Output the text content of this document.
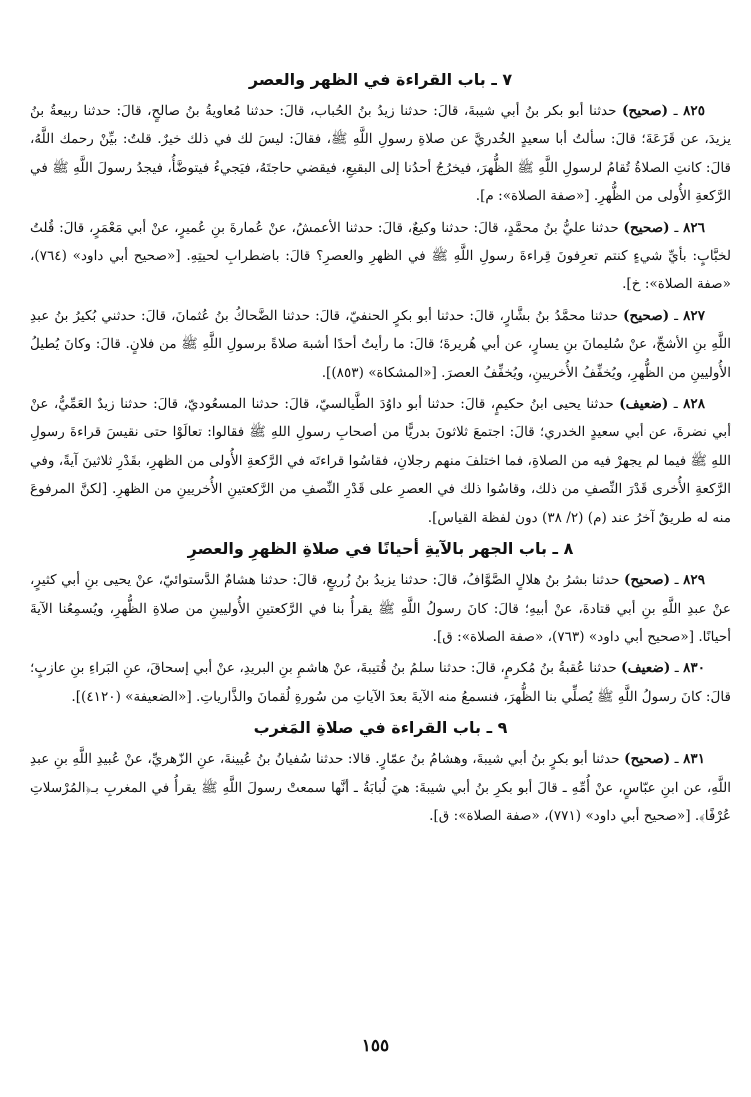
٧ ـ باب القراءة في الظهر والعصر

٨٢٥ ـ (صحيح) حدثنا أبو بكر بنُ أبي شيبةَ، قالَ: حدثنا زيدُ بنُ الحُباب، قالَ: حدثنا مُعاويةُ بنُ صالحٍ، قالَ: حدثنا ربيعةُ بنُ يزيدَ، عن قَزَعَةَ؛ قالَ: سألتُ أبا سعيدٍ الخُدريَّ عن صلاةِ رسولِ اللَّهِ ﷺ، فقالَ: ليسَ لك في ذلك خيرٌ. قلتُ: بيِّنْ رحمك اللَّهُ، قالَ: كانتِ الصلاةُ تُقامُ لرسولِ اللَّهِ ﷺ الظُّهرَ، فيخرُجُ أحدُنا إلى البقيعِ، فيقضي حاجتَهُ، فيَجيءُ فيتوضَّأُ، فيجدُ رسولَ اللَّهِ ﷺ في الرَّكعةِ الأُولى من الظُّهرِ. [«صفة الصلاة»: م].

٨٢٦ ـ (صحيح) حدثنا عليُّ بنُ محمَّدٍ، قالَ: حدثنا وكيعٌ، قالَ: حدثنا الأعمشُ، عنْ عُمارةَ بنِ عُميرٍ، عنْ أبي مَعْمَرٍ، قالَ: قُلتُ لخبَّابٍ: بأيِّ شيءٍ كنتم تعرِفونَ قِراءةَ رسولِ اللَّهِ ﷺ في الظهرِ والعصرِ؟ قالَ: باضطرابِ لحيتِهِ. [«صحيح أبي داود» (٧٦٤)، «صفة الصلاة»: خ].

٨٢٧ ـ (صحيح) حدثنا محمَّدُ بنُ بشَّارٍ، قالَ: حدثنا أبو بكرٍ الحنفيّ، قالَ: حدثنا الضَّحاكُ بنُ عُثمانَ، قالَ: حدثني بُكيرُ بنُ عبدِ اللَّهِ بنِ الأشجِّ، عنْ سُليمانَ بنِ يسارٍ، عن أبي هُريرةَ؛ قالَ: ما رأيتُ أحدًا أشبهَ صلاةً برسولِ اللَّهِ ﷺ من فلانٍ. قالَ: وكانَ يُطيلُ الأُوليينِ من الظُّهرِ، ويُخفِّفُ الأُخريينِ، ويُخفِّفُ العصرَ. [«المشكاة» (٨٥٣)].

٨٢٨ ـ (ضعيف) حدثنا يحيى ابنُ حكيمٍ، قالَ: حدثنا أبو داوُدَ الطَّيالسيّ، قالَ: حدثنا المسعُوديّ، قالَ: حدثنا زيدٌ العَمِّيُّ، عنْ أبي نضرةَ، عن أبي سعيدٍ الخدري؛ قالَ: اجتمعَ ثلاثونَ بدريًّا من أصحابِ رسولِ اللهِ ﷺ فقالوا: تعالَوْا حتى نقيسَ قراءةَ رسولِ اللهِ ﷺ فيما لم يجهرْ فيه من الصلاةِ، فما اختلفَ منهم رجلانِ، فقاسُوا قراءتَه في الرَّكعةِ الأُولى من الظهرِ، بقَدْرِ ثلاثينَ آيةً، وفي الرَّكعةِ الأُخرى قَدْرَ النِّصفِ من ذلك، وقاسُوا ذلك في العصرِ على قَدْرِ النِّصفِ من الرَّكعتينِ الأُخريينِ من الظهرِ. [لكنَّ المرفوعَ منه له طريقٌ آخرُ عند (م) (٢/ ٣٨) دون لفظة القياس].

٨ ـ باب الجهر بالآيةِ أحيانًا في صلاةِ الظهرِ والعصرِ

٨٢٩ ـ (صحيح) حدثنا بشرُ بنُ هلالٍ الصَّوَّافُ، قالَ: حدثنا يزيدُ بنُ زُريعٍ، قالَ: حدثنا هشامٌ الدَّستوائيّ، عنْ يحيى بنِ أبي كثيرٍ، عنْ عبدِ اللَّهِ بنِ أبي قتادةَ، عنْ أبيهِ؛ قالَ: كانَ رسولُ اللَّهِ ﷺ يقرأُ بنا في الرَّكعتينِ الأُوليينِ من صلاةِ الظُّهرِ، ويُسمِعُنا الآيةَ أحيانًا. [«صحيح أبي داود» (٧٦٣)، «صفة الصلاة»: ق].

٨٣٠ ـ (ضعيف) حدثنا عُقبةُ بنُ مُكرمٍ، قالَ: حدثنا سلمُ بنُ قُتيبةَ، عنْ هاشمِ بنِ البريدِ، عنْ أبي إسحاقَ، عنِ البَراءِ بنِ عازبٍ؛ قالَ: كانَ رسولُ اللَّهِ ﷺ يُصلِّي بنا الظُّهرَ، فنسمعُ منه الآيةَ بعدَ الآياتِ من سُورةِ لُقمانَ والذَّارياتِ. [«الضعيفة» (٤١٢٠)].

٩ ـ باب القراءة في صلاةِ المَغرب

٨٣١ ـ (صحيح) حدثنا أبو بكرٍ بنُ أبي شيبةَ، وهشامُ بنُ عمّارٍ. قالا: حدثنا سُفيانُ بنُ عُيينةَ، عنِ الزّهريِّ، عنْ عُبيدِ اللَّهِ بنِ عبدِ اللَّهِ، عن ابنِ عبّاسٍ، عنْ أُمِّهِ ـ قالَ أبو بكرِ بنُ أبي شيبةَ: هيَ لُبابَةُ ـ أنَّها سمعتْ رسولَ اللَّهِ ﷺ يقرأُ في المغربِ بـ﴿المُرْسلاتِ عُرْفًا﴾. [«صحيح أبي داود» (٧٧١)، «صفة الصلاة»: ق].

١٥٥
